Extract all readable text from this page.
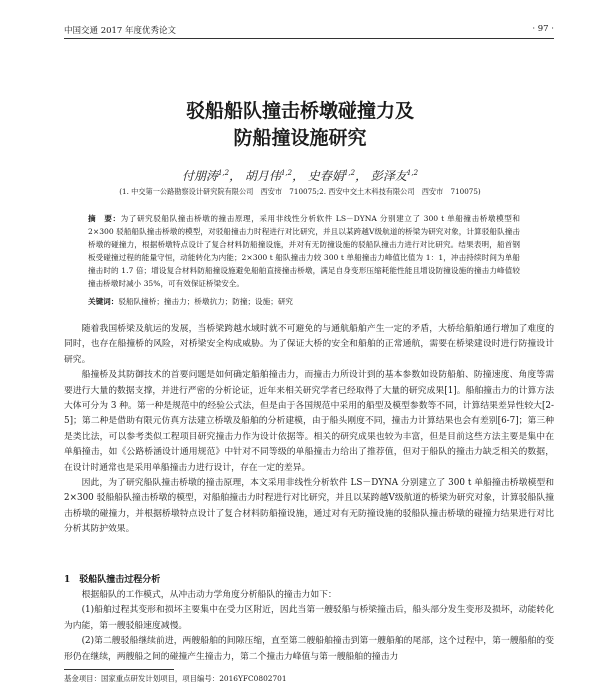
中国交通 2017 年度优秀论文	· 97 ·
驳船船队撞击桥墩碰撞力及
防船撞设施研究
付朋涛$^{1,2}$， 胡月伟$^{1,2}$， 史春娟$^{1,2}$， 彭泽友$^{1,2}$
(1. 中交第一公路勘察设计研究院有限公司　西安市　710075;2. 西安中交土木科技有限公司　西安市　710075)
摘　要：为了研究驳船队撞击桥墩的撞击原理，采用非线性分析软件 LS－DYNA 分别建立了 300 t 单船撞击桥墩模型和 2×300 驳船船队撞击桥墩的模型，对驳船撞击力时程进行对比研究，并且以某跨越Ⅴ级航道的桥梁为研究对象，计算驳船队撞击桥墩的碰撞力，根据桥墩特点设计了复合材料防船撞设施，并对有无防撞设施的驳船队撞击力进行对比研究。结果表明，船首钢板受碰撞过程的能量守恒，动能转化为内能；2×300 t 船队撞击力较 300 t 单船撞击力峰值比值为 1：1，冲击持续时间为单船撞击时的 1.7 倍；增设复合材料防船撞设施避免船舶直接撞击桥墩，满足自身变形压缩耗能性能且增设防撞设施的撞击力峰值较撞击桥墩时减小 35%，可有效保证桥梁安全。
关键词：驳船队撞桥；撞击力；桥墩抗力；防撞；设施；研究

随着我国桥梁及航运的发展，当桥梁跨越水域时就不可避免的与通航船舶产生一定的矛盾，大桥给船舶通行增加了难度的同时，也存在船撞桥的风险，对桥梁安全构成威胁。为了保证大桥的安全和船舶的正常通航，需要在桥梁建设时进行防撞设计研究。

船撞桥及其防御技术的首要问题是如何确定船舶撞击力，而撞击力所设计到的基本参数如设防船舶、防撞速度、角度等需要进行大量的数据支撑，并进行严密的分析论证，近年来相关研究学者已经取得了大量的研究成果[1]。船舶撞击力的计算方法大体可分为 3 种。第一种是规范中的经验公式法，但是由于各国规范中采用的船型及模型参数等不同，计算结果差异性较大[2-5]；第二种是借助有限元仿真方法建立桥墩及船舶的分析建模，由于船头刚度不同，撞击力计算结果也会有差别[6-7]；第三种是类比法，可以参考类似工程项目研究撞击力作为设计依据等。相关的研究成果也较为丰富，但是目前这些方法主要是集中在单船撞击，如《公路桥涵设计通用规范》中针对不同等级的单船撞击力给出了推荐值，但对于船队的撞击力缺乏相关的数据，在设计时通常也是采用单船撞击力进行设计，存在一定的差异。

因此，为了研究船队撞击桥墩的撞击原理，本文采用非线性分析软件 LS－DYNA 分别建立了 300 t 单船撞击桥墩模型和 2×300 驳船船队撞击桥墩的模型，对船舶撞击力时程进行对比研究，并且以某跨越Ⅴ级航道的桥梁为研究对象，计算驳船队撞击桥墩的碰撞力，并根据桥墩特点设计了复合材料防船撞设施，通过对有无防撞设施的驳船队撞击桥墩的碰撞力结果进行对比分析其防护效果。

1　驳船队撞击过程分析

根据船队的工作模式，从冲击动力学角度分析船队的撞击力如下：

(1)船舶过程其变形和损坏主要集中在受力区附近，因此当第一艘驳船与桥梁撞击后，船头部分发生变形及损坏，动能转化为内能，第一艘驳船速度减慢。

(2)第二艘驳船继续前进，两艘船舶的间隙压缩，直至第二艘船舶撞击到第一艘船舶的尾部，这个过程中，第一艘船舶的变形仍在继续，两艘船之间的碰撞产生撞击力，第二个撞击力峰值与第一艘船舶的撞击力

基金项目：国家重点研发计划项目，项目编号：2016YFC0802701
